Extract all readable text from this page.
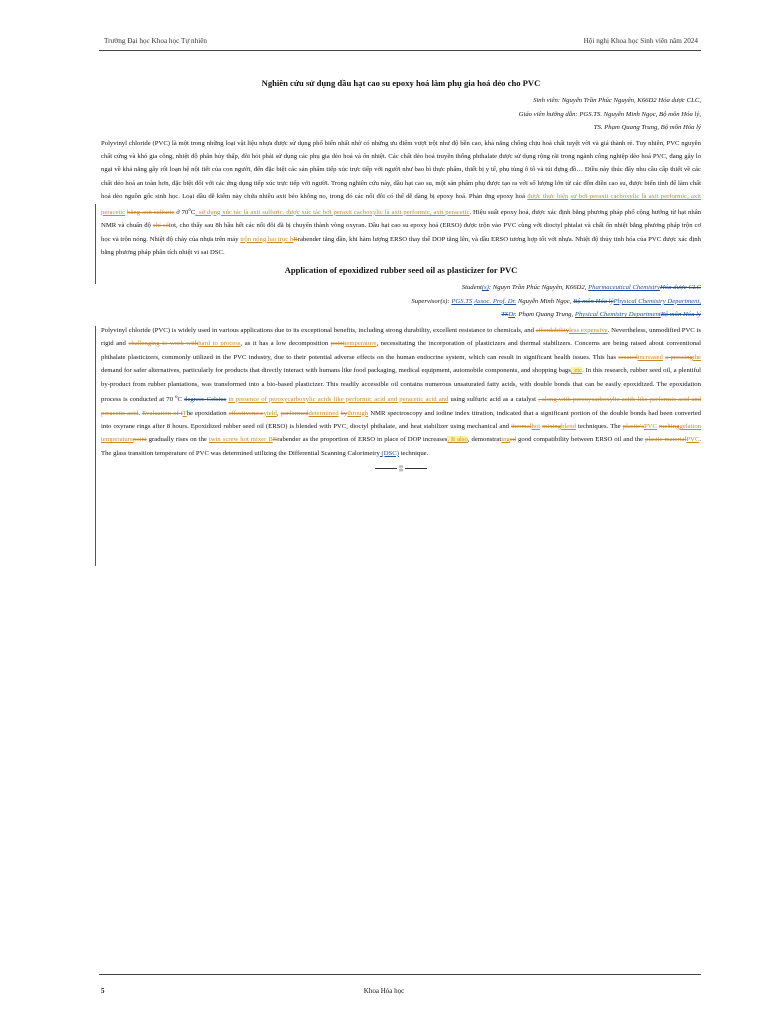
Trường Đại học Khoa học Tự nhiên	Hội nghị Khoa học Sinh viên năm 2024
Nghiên cứu sử dụng dầu hạt cao su epoxy hoá làm phụ gia hoá dẻo cho PVC
Sinh viên: Nguyễn Trần Phúc Nguyên, K66D2 Hóa dược CLC,
Giáo viên hướng dẫn: PGS.TS. Nguyễn Minh Ngọc, Bộ môn Hóa lý,
TS. Phạm Quang Trung, Bộ môn Hóa lý

Polyvinyl chloride (PVC) là một trong những loại vật liệu nhựa được sử dụng phổ biến nhất nhờ có những ưu điểm vượt trội như độ bền cao, khả năng chống chịu hoá chất tuyệt vời và giá thành rẻ. Tuy nhiên, PVC nguyên chất cứng và khó gia công, nhiệt độ phân hủy thấp, đòi hỏi phải sử dụng các phụ gia dẻo hoá và ổn nhiệt. Các chất dẻo hoá truyền thống phthalate được sử dụng rộng rãi trong ngành công nghiệp dẻo hoá PVC, đang gây lo ngại về khả năng gây rối loạn hệ nội tiết của con người, đến đặc biệt các sản phẩm tiếp xúc trực tiếp với người như bao bì thực phẩm, thiết bị y tế, phụ tùng ô tô và túi đựng đồ… Điều này thúc đẩy nhu cầu cấp thiết về các chất dẻo hoá an toàn hơn, đặc biệt đối với các ứng dụng tiếp xúc trực tiếp với người. Trong nghiên cứu này, dầu hạt cao su, một sản phẩm phụ được tạo ra với số lượng lớn từ các đồn điền cao su, được biến tính để làm chất hoá dẻo nguồn gốc sinh học. Loại dầu dễ kiếm này chứa nhiều axit béo không no, trong đó các nối đôi có thể dễ dàng bị epoxy hoá. Phản ứng epoxy hoá được thực hiện sử bởi peraxit cacboxylic là axit performic, axit peracetic bằng axit sulfuric ở 70$^o$C, sử dụng xúc tác là axit sulfuric. được xúc tác bởi peraxit cacboxylic là axit performic, axit peracetic. Hiệu suất epoxy hoá, được xác định bằng phương pháp phổ cộng hưởng từ hạt nhân NMR và chuẩn độ chỉ sốiot, cho thấy sau 8h hầu hết các nối đôi đã bị chuyển thành vòng oxyran. Dầu hạt cao su epoxy hoá (ERSO) được trộn vào PVC cùng với dioctyl phtalat và chất ổn nhiệt bằng phương pháp trộn cơ học và trộn nóng. Nhiệt độ chảy của nhựa trên máy trộn nóng hai trục bBrabender tăng dần, khi hàm lượng ERSO thay thế DOP tăng lên, và dầu ERSO tương hợp tốt với nhựa. Nhiệt độ thủy tinh hóa của PVC được xác định bằng phương pháp phân tích nhiệt vi sai DSC.

Application of epoxidized rubber seed oil as plasticizer for PVC
Student(s): Nguyn Trần Phúc Nguyên, K66D2, Pharmaceutical ChemistryHóa dược CLC
Supervisor(s): PGS.TS Assoc. Prof. Dr. Nguyễn Minh Ngọc, Bộ môn Hóa lýPhysical Chemistry Department,
TSDr. Phạm Quang Trung, Physical Chemistry DepartmentBộ môn Hóa lý

Polyvinyl chloride (PVC) is widely used in various applications due to its exceptional benefits, including strong durability, excellent resistance to chemicals, and affordabilityless expensive. Nevertheless, unmodified PVC is rigid and challenging to work withhard to process, as it has a low decomposition pointtemperature, necessitating the incorporation of plasticizers and thermal stabilizers. Concerns are being raised about conventional phthalate plasticizers, commonly utilized in the PVC industry, due to their potential adverse effects on the human endocrine system, which can result in significant health issues. This has createdincreased a pressingthe demand for safer alternatives, particularly for products that directly interact with humans like food packaging, medical equipment, automobile components, and shopping bags, etc. In this research, rubber seed oil, a plentiful by-product from rubber plantations, was transformed into a bio-based plasticizer. This readily accessible oil contains numerous unsaturated fatty acids, with double bonds that can be easily epoxidized. The epoxidation process is conducted at 70 $^o$C degrees Celsius in presence of peroxycarboxylic acids like performic acid and peracetic acid and using sulfuric acid as a catalyst , along with peroxycarboxylic acids like performic acid and peracetic acid. Evaluation of tThe epoxidation effectivenessyield, performeddetermined bythrough NMR spectroscopy and iodine index titration, indicated that a significant portion of the double bonds had been converted into oxyrane rings after 8 hours. Epoxidized rubber seed oil (ERSO) is blended with PVC, dioctyl phthalate, and heat stabilizer using mechanical and thermalhot mixingblend techniques. The plastic'sPVC meltinggelation temperaturepoint gradually rises on the twin screw hot mixer BBrabender as the proportion of ERSO in place of DOP increases. It also, demonstratinged good compatibility between ERSO oil and the plastic materialPVC. The glass transition temperature of PVC was determined utilizing the Differential Scanning Calorimetry (DSC) technique.

▒
5	Khoa Hóa học
